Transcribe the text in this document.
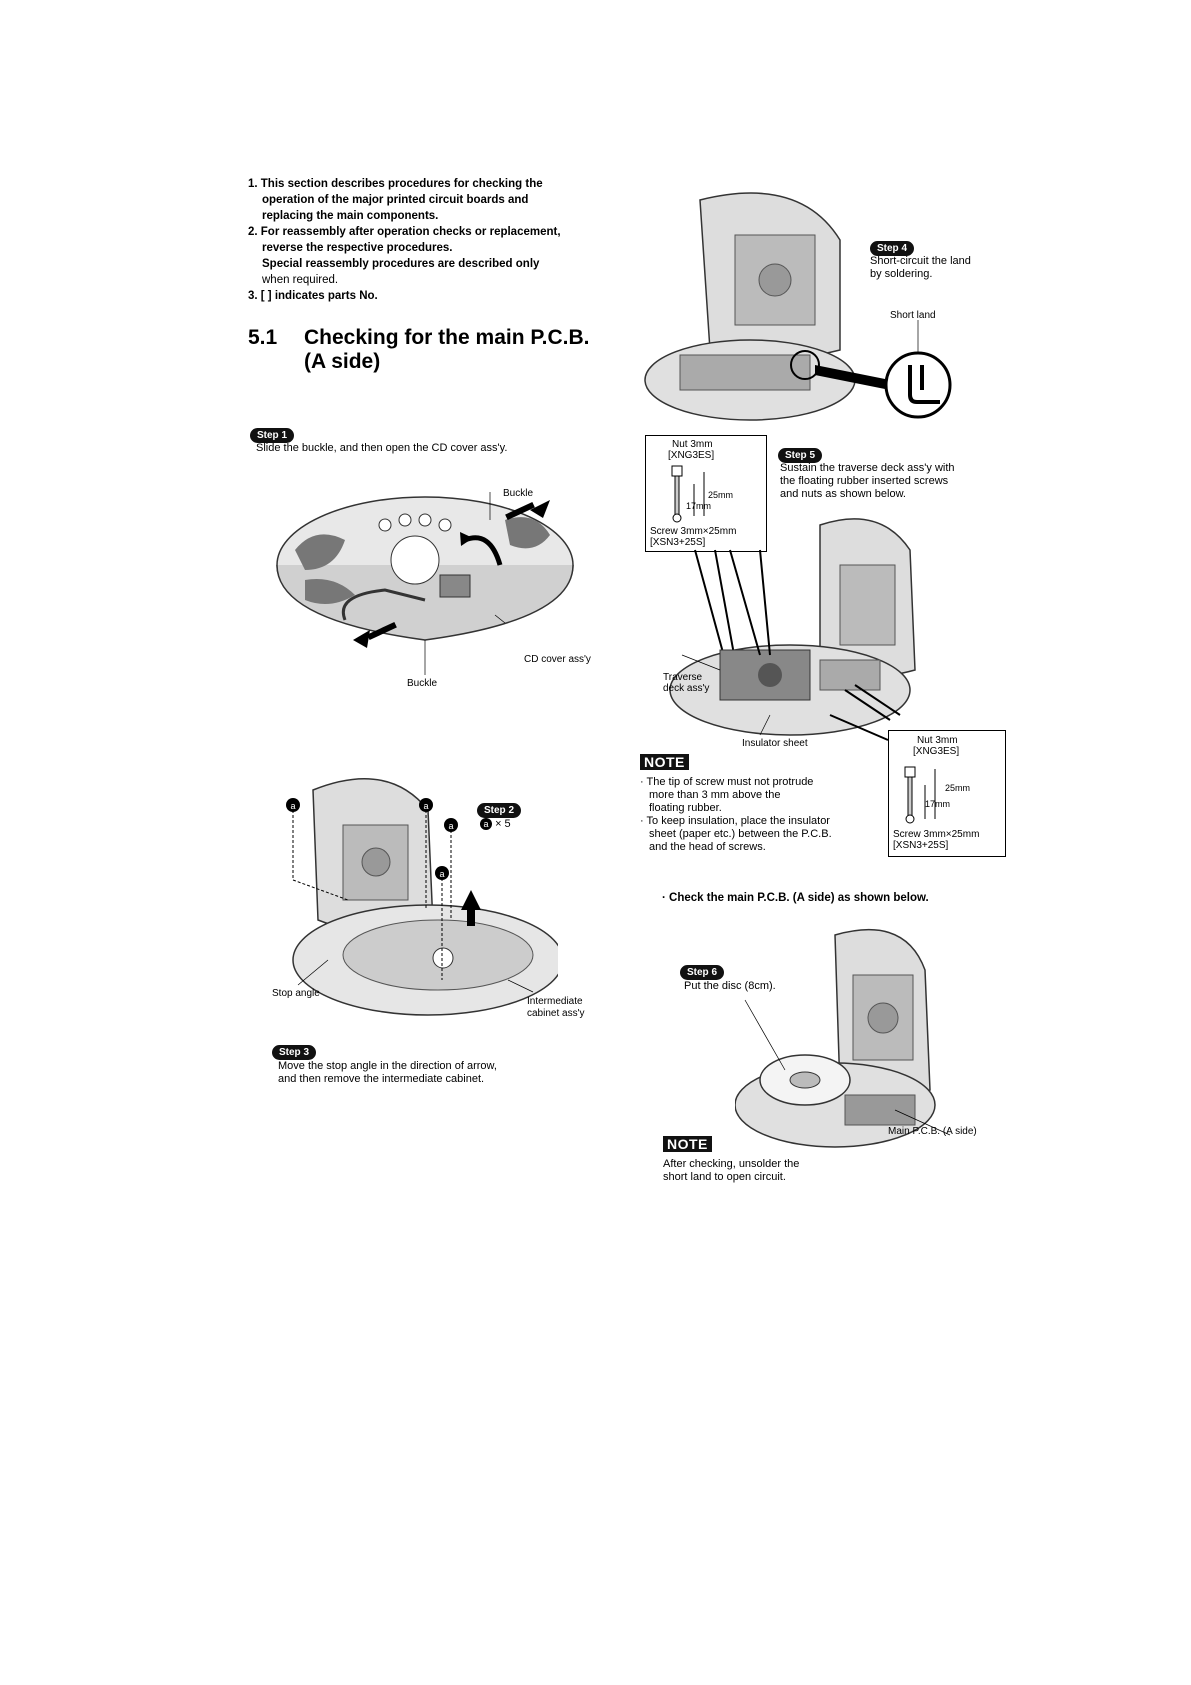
1. This section describes procedures for checking the
operation of the major printed circuit boards and
replacing the main components.
2. For reassembly after operation checks or replacement,
reverse the respective procedures.
Special reassembly procedures are described only
when required.
3. [ ] indicates parts No.
5.1 Checking for the main P.C.B.
(A side)
Step 1
Slide the buckle, and then open the CD cover ass'y.
Buckle
CD cover ass'y
Buckle
a	a
a
a
Step 2
a × 5
Stop angle
Intermediate
cabinet ass'y
Step 3
Move the stop angle in the direction of arrow,
and then remove the intermediate cabinet.
Step 4
Short-circuit the land
by soldering.
Short land
Nut 3mm
[XNG3ES]
25mm
17mm
Screw 3mm×25mm
[XSN3+25S]
Step 5
Sustain the traverse deck ass'y with
the floating rubber inserted screws
and nuts as shown below.
Traverse
deck ass'y
Insulator sheet	Nut 3mm
[XNG3ES]
25mm
17mm
Screw 3mm×25mm
[XSN3+25S]
NOTE
· The tip of screw must not protrude
more than 3 mm above the
floating rubber.
· To keep insulation, place the insulator
sheet (paper etc.) between the P.C.B.
and the head of screws.
· Check the main P.C.B. (A side) as shown below.
Step 6
Put the disc (8cm).
Main P.C.B. (A side)
NOTE
After checking, unsolder the
short land to open circuit.
